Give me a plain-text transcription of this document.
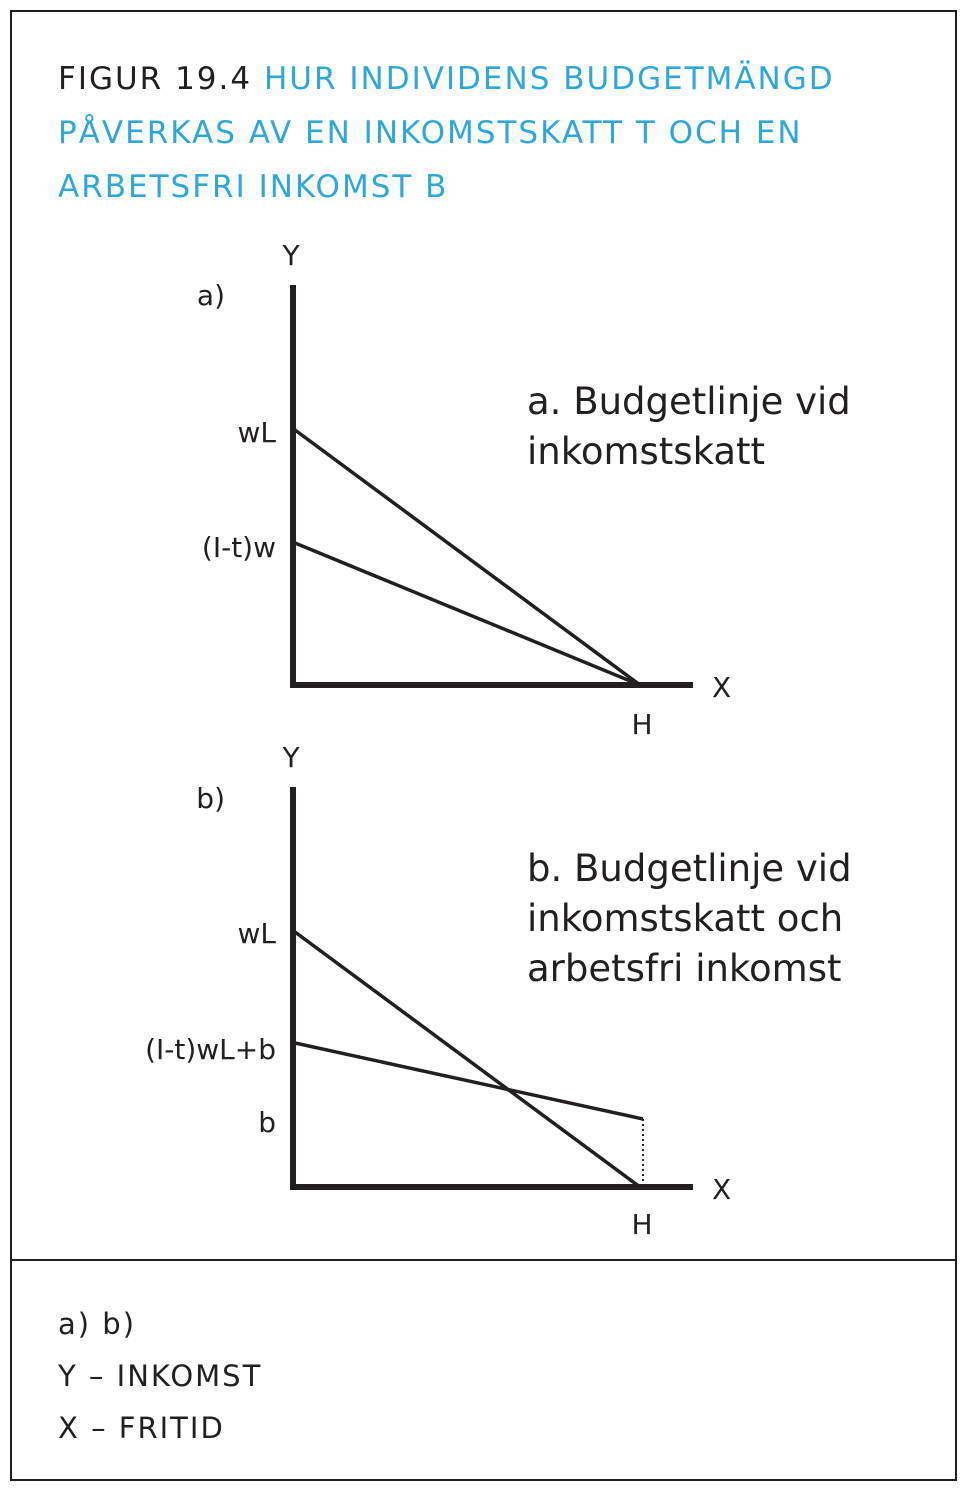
FIGUR 19.4 HUR INDIVIDENS BUDGETMÄNGD PÅVERKAS AV EN INKOMSTSKATT T OCH EN ARBETSFRI INKOMST B
a)
Y
X
H
wL
(I-t)w
a. Budgetlinje vid
inkomstskatt
b)
Y
X
H
wL
(I-t)wL+b
b
b. Budgetlinje vid
inkomstskatt och
arbetsfri inkomst
a) b)
Y – INKOMST
X – FRITID
